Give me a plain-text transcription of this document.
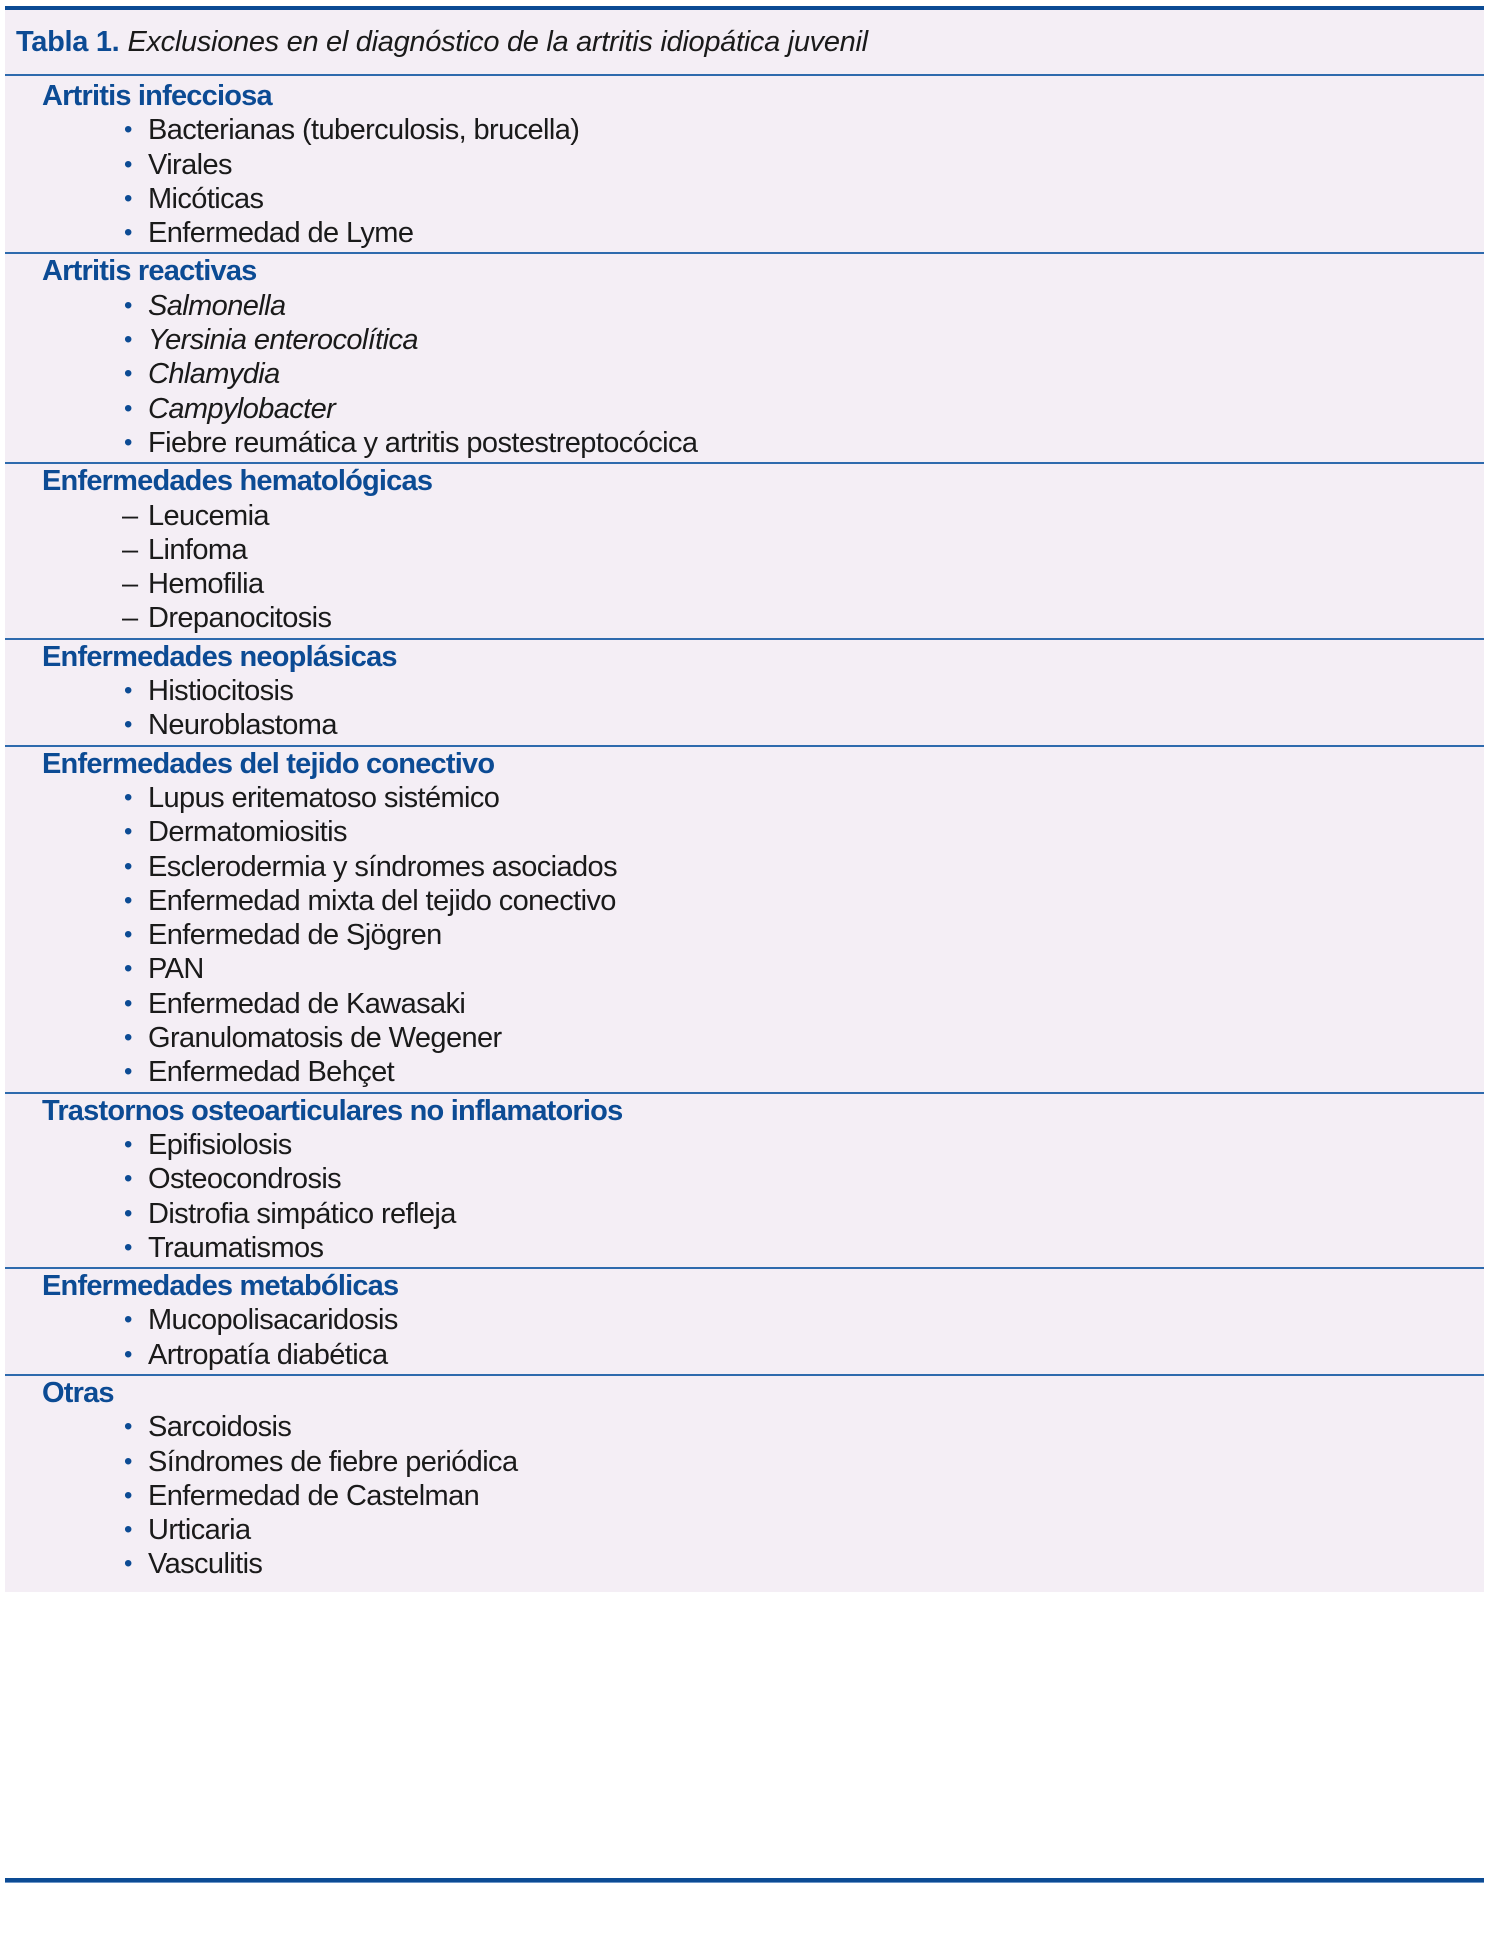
Tabla 1. Exclusiones en el diagnóstico de la artritis idiopática juvenil
Artritis infecciosa
• Bacterianas (tuberculosis, brucella)
• Virales
• Micóticas
• Enfermedad de Lyme
Artritis reactivas
• Salmonella
• Yersinia enterocolítica
• Chlamydia
• Campylobacter
• Fiebre reumática y artritis postestreptocócica
Enfermedades hematológicas
– Leucemia
– Linfoma
– Hemofilia
– Drepanocitosis
Enfermedades neoplásicas
• Histiocitosis
• Neuroblastoma
Enfermedades del tejido conectivo
• Lupus eritematoso sistémico
• Dermatomiositis
• Esclerodermia y síndromes asociados
• Enfermedad mixta del tejido conectivo
• Enfermedad de Sjögren
• PAN
• Enfermedad de Kawasaki
• Granulomatosis de Wegener
• Enfermedad Behçet
Trastornos osteoarticulares no inflamatorios
• Epifisiolosis
• Osteocondrosis
• Distrofia simpático refleja
• Traumatismos
Enfermedades metabólicas
• Mucopolisacaridosis
• Artropatía diabética
Otras
• Sarcoidosis
• Síndromes de fiebre periódica
• Enfermedad de Castelman
• Urticaria
• Vasculitis
